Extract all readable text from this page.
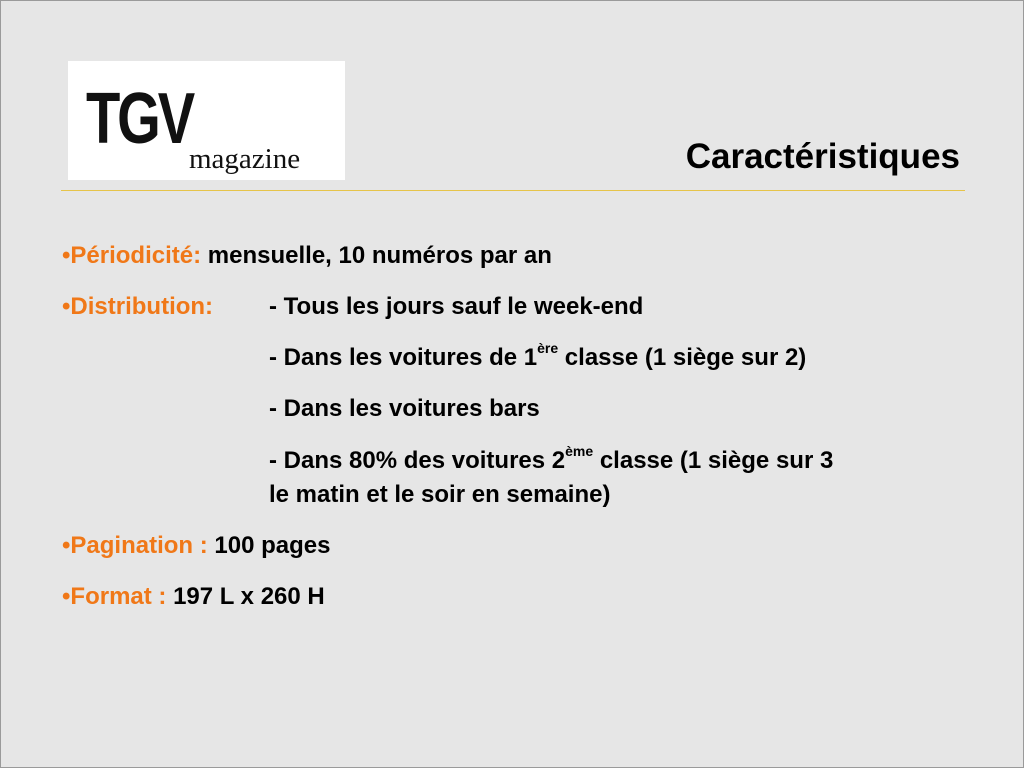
TGV
magazine	Caractéristiques
•Périodicité: mensuelle, 10 numéros par an
•Distribution: - Tous les jours sauf le week-end
- Dans les voitures de 1ère classe (1 siège sur 2)
- Dans les voitures bars
- Dans 80% des voitures 2ème classe (1 siège sur 3
le matin et le soir en semaine)
•Pagination : 100 pages
•Format : 197 L x 260 H
